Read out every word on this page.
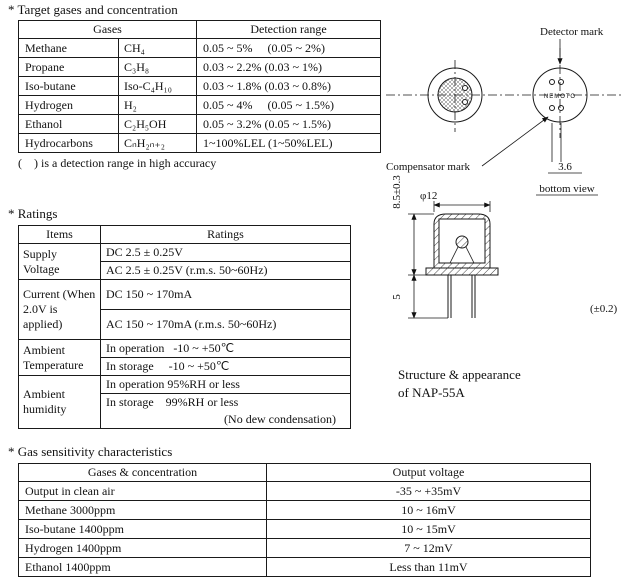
* Target gases and concentration
Gases		Detection range
Methane	CH₄	0.05 ~ 5%     (0.05 ~ 2%)
Propane	C₃H₈	0.03 ~ 2.2% (0.03 ~ 1%)
Iso-butane	Iso-C₄H₁₀	0.03 ~ 1.8% (0.03 ~ 0.8%)
Hydrogen	H₂	0.05 ~ 4%     (0.05 ~ 1.5%)
Ethanol	C₂H₅OH	0.05 ~ 3.2% (0.05 ~ 1.5%)
Hydrocarbons	CₙH₂ₙ₊₂	1~100%LEL (1~50%LEL)
(    ) is a detection range in high accuracy
* Ratings
Items	Ratings
Supply Voltage	DC 2.5 ± 0.25V
AC 2.5 ± 0.25V (r.m.s. 50~60Hz)

Current (When 2.0V is applied)	DC 150 ~ 170mA
AC 150 ~ 170mA (r.m.s. 50~60Hz)

Ambient Temperature	In operation   -10 ~ +50℃
In storage     -10 ~ +50℃

Ambient humidity	In operation 95%RH or less
In storage    99%RH or less
(No dew condensation)
NEMOTO
Detector mark
Compensator mark	3.6
bottom view
φ12
8.5±0.3
5
(±0.2)
Structure & appearance
of NAP-55A
* Gas sensitivity characteristics
Gases & concentration	Output voltage
Output in clean air	-35 ~ +35mV
Methane 3000ppm	10 ~ 16mV
Iso-butane 1400ppm	10 ~ 15mV
Hydrogen 1400ppm	7 ~ 12mV
Ethanol 1400ppm	Less than 11mV
